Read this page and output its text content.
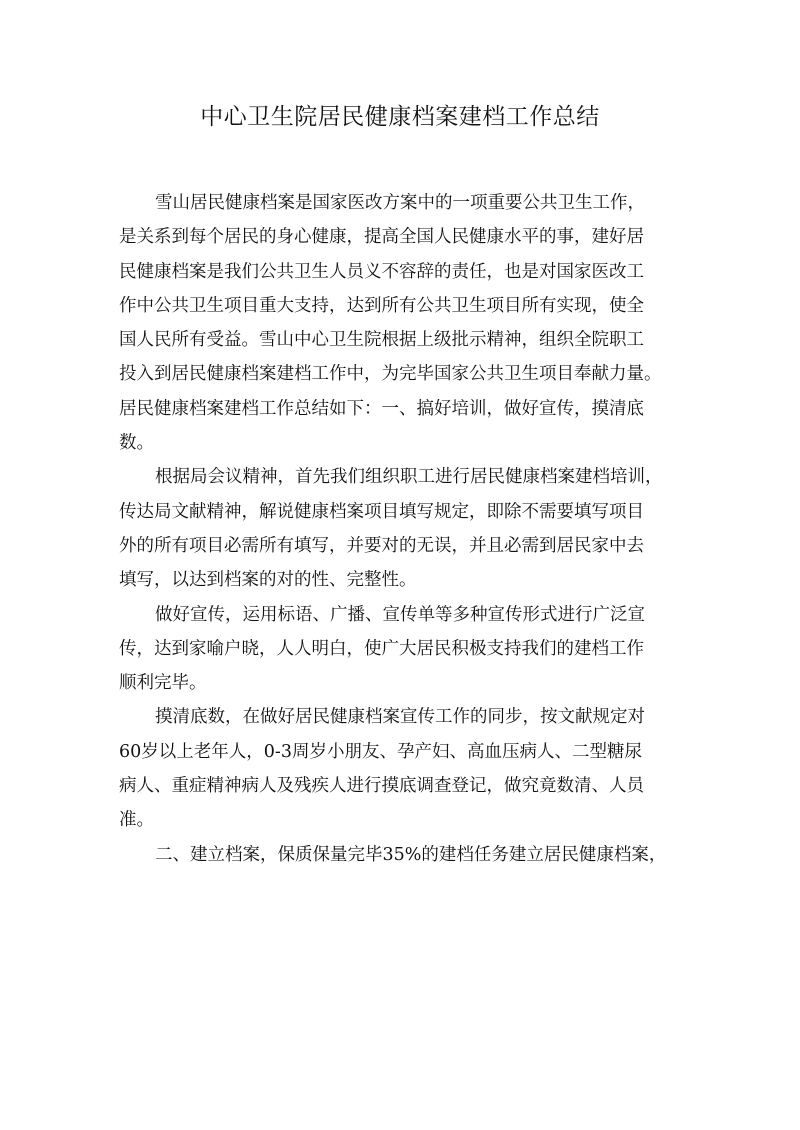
中心卫生院居民健康档案建档工作总结
雪山居民健康档案是国家医改方案中的一项重要公共卫生工作，
是关系到每个居民的身心健康，提高全国人民健康水平的事，建好居
民健康档案是我们公共卫生人员义不容辞的责任，也是对国家医改工
作中公共卫生项目重大支持，达到所有公共卫生项目所有实现，使全
国人民所有受益。雪山中心卫生院根据上级批示精神，组织全院职工
投入到居民健康档案建档工作中，为完毕国家公共卫生项目奉献力量。
居民健康档案建档工作总结如下：一、搞好培训，做好宣传，摸清底
数。
根据局会议精神，首先我们组织职工进行居民健康档案建档培训，
传达局文献精神，解说健康档案项目填写规定，即除不需要填写项目
外的所有项目必需所有填写，并要对的无误，并且必需到居民家中去
填写，以达到档案的对的性、完整性。
做好宣传，运用标语、广播、宣传单等多种宣传形式进行广泛宣
传，达到家喻户晓，人人明白，使广大居民积极支持我们的建档工作
顺利完毕。
摸清底数，在做好居民健康档案宣传工作的同步，按文献规定对
60岁以上老年人，0-3周岁小朋友、孕产妇、高血压病人、二型糖尿
病人、重症精神病人及残疾人进行摸底调查登记，做究竟数清、人员
准。
二、建立档案，保质保量完毕35%的建档任务建立居民健康档案，
